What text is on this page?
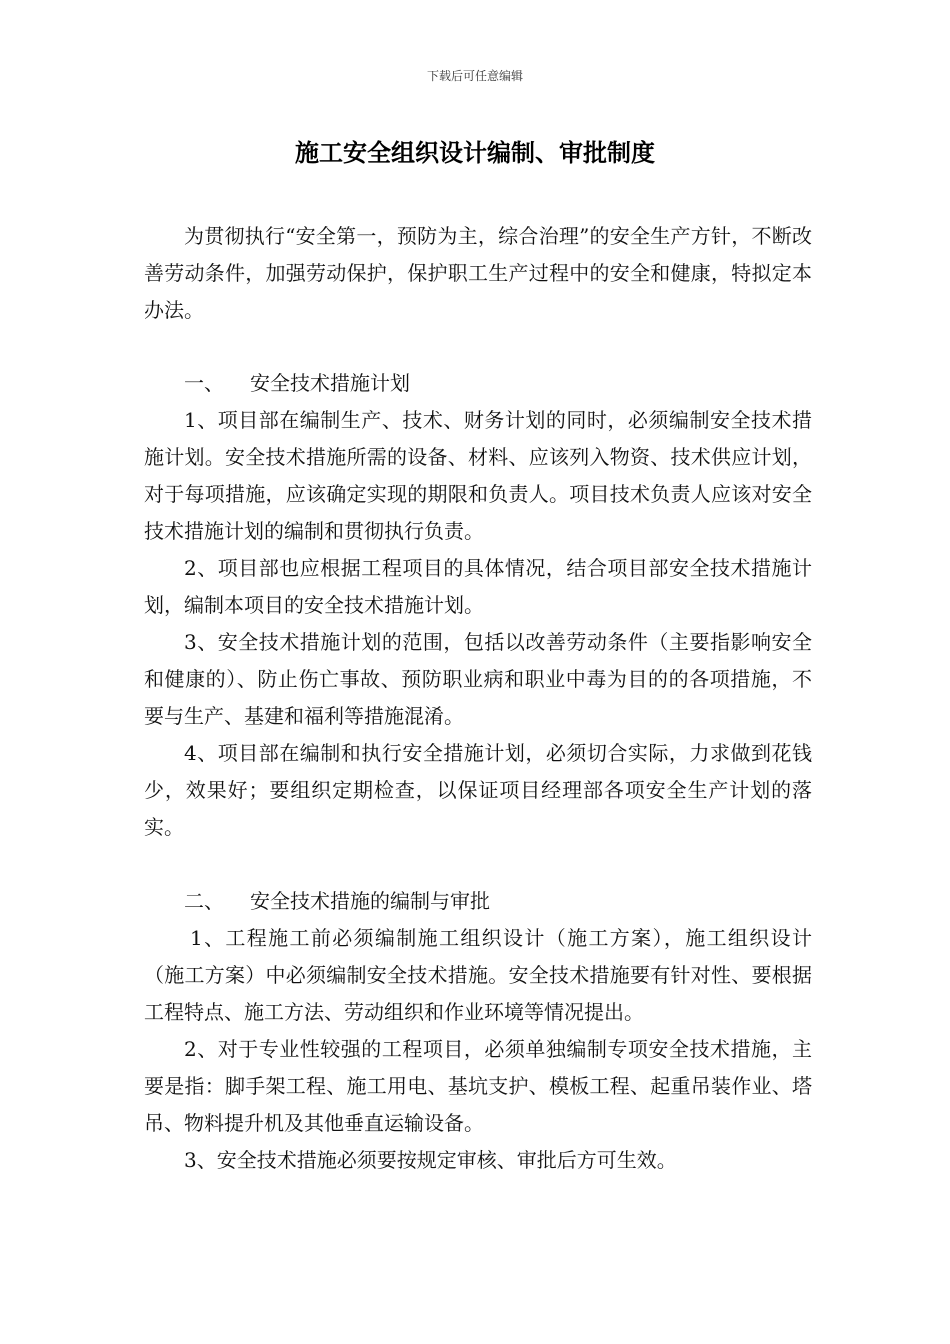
下载后可任意编辑
施工安全组织设计编制、审批制度

为贯彻执行“安全第一，预防为主，综合治理”的安全生产方针，不断改善劳动条件，加强劳动保护，保护职工生产过程中的安全和健康，特拟定本办法。

一、 安全技术措施计划

1、项目部在编制生产、技术、财务计划的同时，必须编制安全技术措施计划。安全技术措施所需的设备、材料、应该列入物资、技术供应计划，对于每项措施，应该确定实现的期限和负责人。项目技术负责人应该对安全技术措施计划的编制和贯彻执行负责。

2、项目部也应根据工程项目的具体情况，结合项目部安全技术措施计划，编制本项目的安全技术措施计划。

3、安全技术措施计划的范围，包括以改善劳动条件（主要指影响安全和健康的）、防止伤亡事故、预防职业病和职业中毒为目的的各项措施，不要与生产、基建和福利等措施混淆。

4、项目部在编制和执行安全措施计划，必须切合实际，力求做到花钱少，效果好；要组织定期检查，以保证项目经理部各项安全生产计划的落实。

二、 安全技术措施的编制与审批

1、工程施工前必须编制施工组织设计（施工方案），施工组织设计（施工方案）中必须编制安全技术措施。安全技术措施要有针对性、要根据工程特点、施工方法、劳动组织和作业环境等情况提出。

2、对于专业性较强的工程项目，必须单独编制专项安全技术措施，主要是指：脚手架工程、施工用电、基坑支护、模板工程、起重吊装作业、塔吊、物料提升机及其他垂直运输设备。

3、安全技术措施必须要按规定审核、审批后方可生效。
